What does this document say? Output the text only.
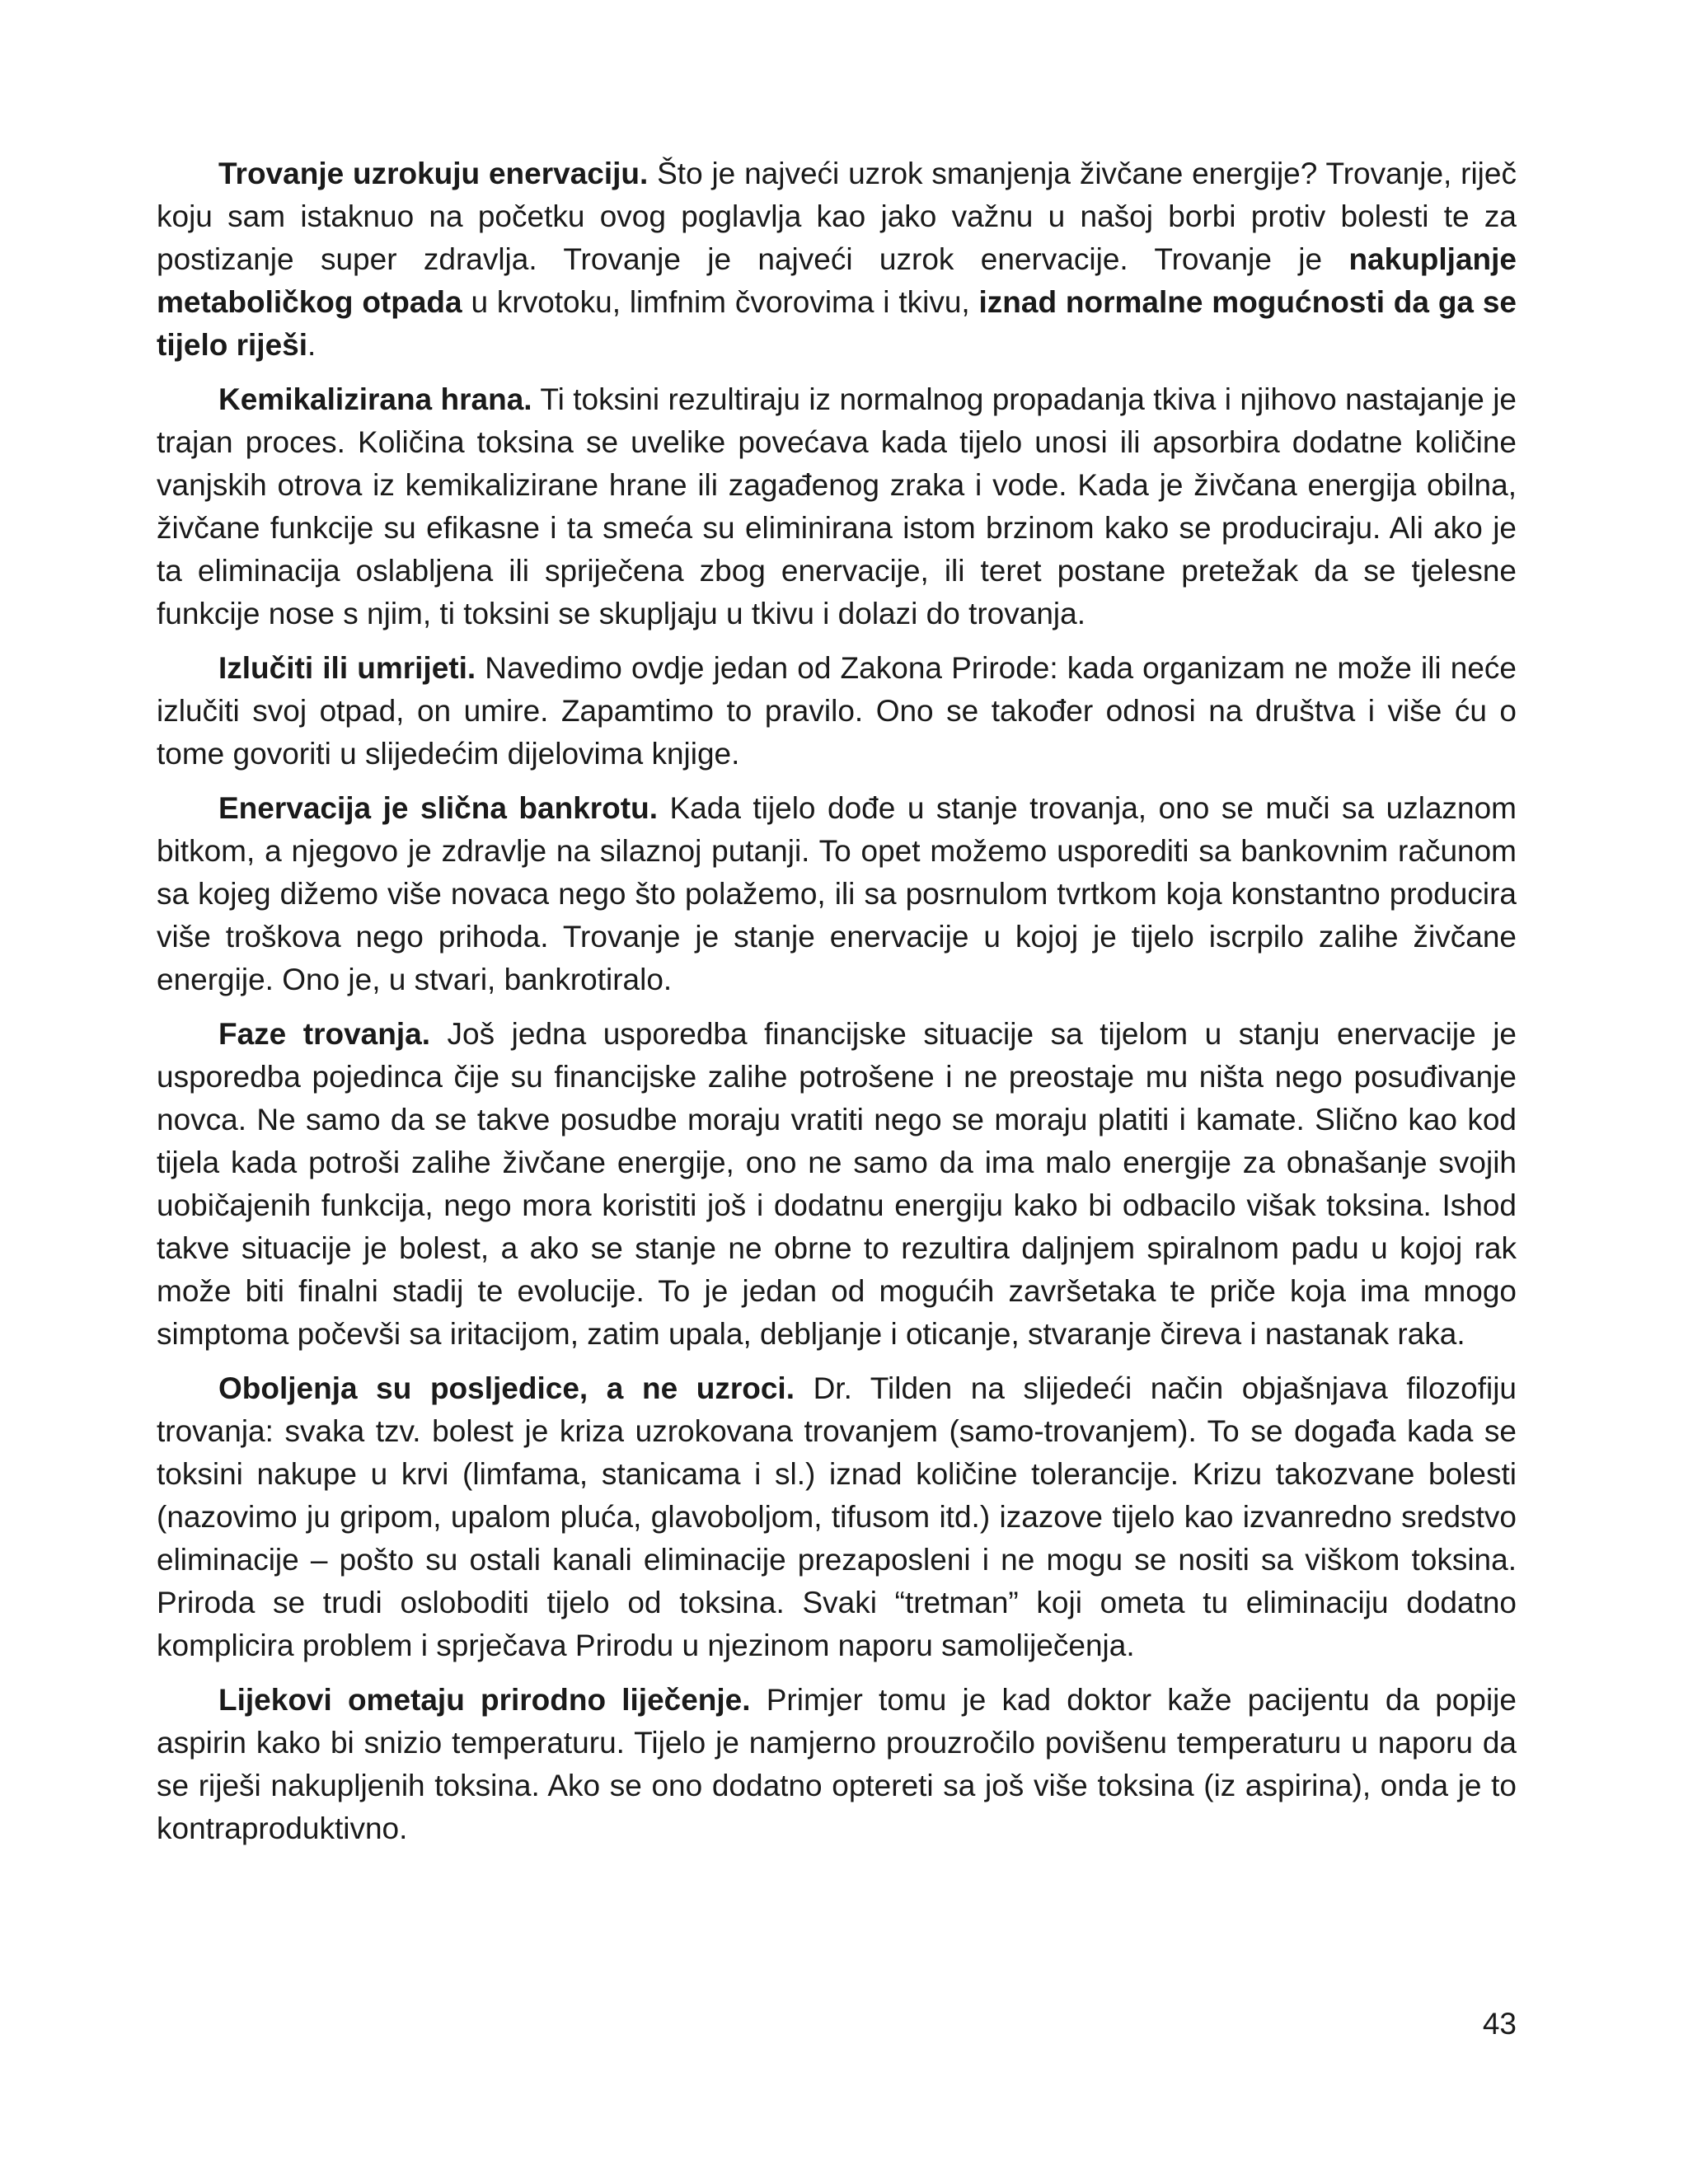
Trovanje uzrokuju enervaciju. Što je najveći uzrok smanjenja živčane energije? Trovanje, riječ koju sam istaknuo na početku ovog poglavlja kao jako važnu u našoj borbi protiv bolesti te za postizanje super zdravlja. Trovanje je najveći uzrok enervacije. Trovanje je nakupljanje metaboličkog otpada u krvotoku, limfnim čvorovima i tkivu, iznad normalne mogućnosti da ga se tijelo riješi.

Kemikalizirana hrana. Ti toksini rezultiraju iz normalnog propadanja tkiva i njihovo nastajanje je trajan proces. Količina toksina se uvelike povećava kada tijelo unosi ili apsorbira dodatne količine vanjskih otrova iz kemikalizirane hrane ili zagađenog zraka i vode. Kada je živčana energija obilna, živčane funkcije su efikasne i ta smeća su eliminirana istom brzinom kako se produciraju. Ali ako je ta eliminacija oslabljena ili spriječena zbog enervacije, ili teret postane pretežak da se tjelesne funkcije nose s njim, ti toksini se skupljaju u tkivu i dolazi do trovanja.

Izlučiti ili umrijeti. Navedimo ovdje jedan od Zakona Prirode: kada organizam ne može ili neće izlučiti svoj otpad, on umire. Zapamtimo to pravilo. Ono se također odnosi na društva i više ću o tome govoriti u slijedećim dijelovima knjige.

Enervacija je slična bankrotu. Kada tijelo dođe u stanje trovanja, ono se muči sa uzlaznom bitkom, a njegovo je zdravlje na silaznoj putanji. To opet možemo usporediti sa bankovnim računom sa kojeg dižemo više novaca nego što polažemo, ili sa posrnulom tvrtkom koja konstantno producira više troškova nego prihoda. Trovanje je stanje enervacije u kojoj je tijelo iscrpilo zalihe živčane energije. Ono je, u stvari, bankrotiralo.

Faze trovanja. Još jedna usporedba financijske situacije sa tijelom u stanju enervacije je usporedba pojedinca čije su financijske zalihe potrošene i ne preostaje mu ništa nego posuđivanje novca. Ne samo da se takve posudbe moraju vratiti nego se moraju platiti i kamate. Slično kao kod tijela kada potroši zalihe živčane energije, ono ne samo da ima malo energije za obnašanje svojih uobičajenih funkcija, nego mora koristiti još i dodatnu energiju kako bi odbacilo višak toksina. Ishod takve situacije je bolest, a ako se stanje ne obrne to rezultira daljnjem spiralnom padu u kojoj rak može biti finalni stadij te evolucije. To je jedan od mogućih završetaka te priče koja ima mnogo simptoma počevši sa iritacijom, zatim upala, debljanje i oticanje, stvaranje čireva i nastanak raka.

Oboljenja su posljedice, a ne uzroci. Dr. Tilden na slijedeći način objašnjava filozofiju trovanja: svaka tzv. bolest je kriza uzrokovana trovanjem (samo-trovanjem). To se događa kada se toksini nakupe u krvi (limfama, stanicama i sl.) iznad količine tolerancije. Krizu takozvane bolesti (nazovimo ju gripom, upalom pluća, glavoboljom, tifusom itd.) izazove tijelo kao izvanredno sredstvo eliminacije – pošto su ostali kanali eliminacije prezaposleni i ne mogu se nositi sa viškom toksina. Priroda se trudi osloboditi tijelo od toksina. Svaki “tretman” koji ometa tu eliminaciju dodatno komplicira problem i sprječava Prirodu u njezinom naporu samoliječenja.

Lijekovi ometaju prirodno liječenje. Primjer tomu je kad doktor kaže pacijentu da popije aspirin kako bi snizio temperaturu. Tijelo je namjerno prouzročilo povišenu temperaturu u naporu da se riješi nakupljenih toksina. Ako se ono dodatno optereti sa još više toksina (iz aspirina), onda je to kontraproduktivno.

43
